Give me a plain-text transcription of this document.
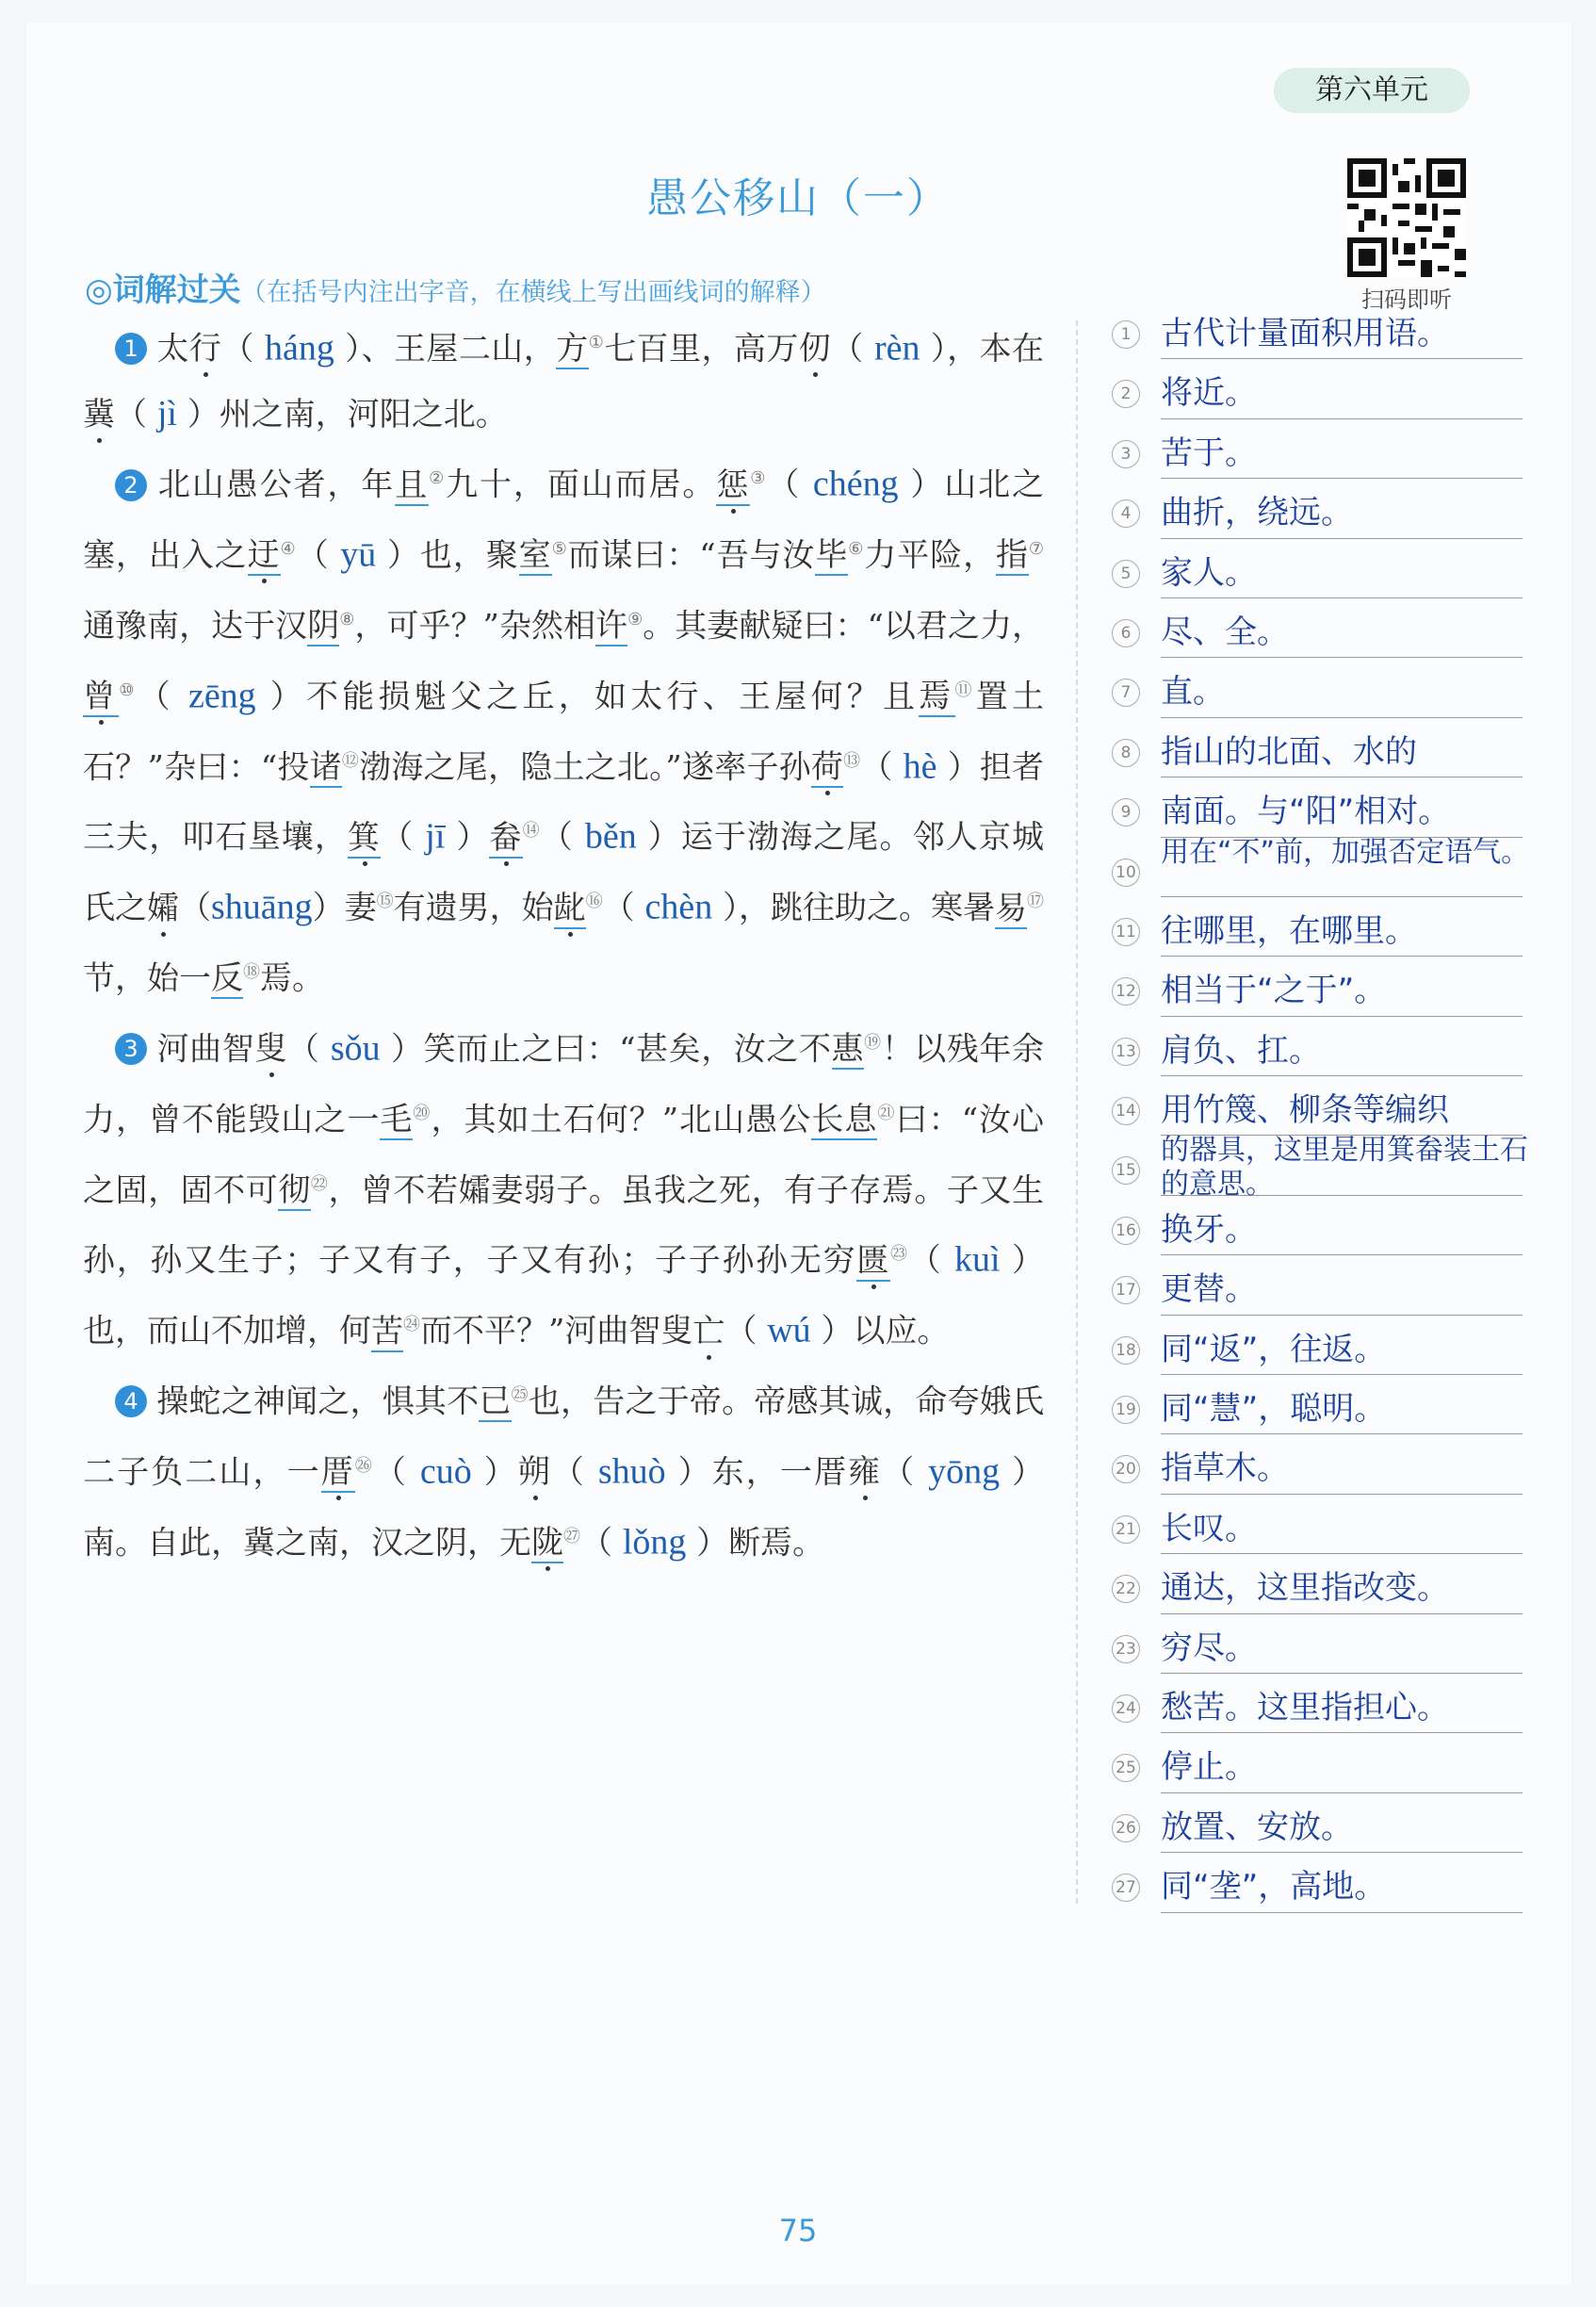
第六单元
愚公移山（一）
扫码即听
◎词解过关（在括号内注出字音，在横线上写出画线词的解释）

 1 太行（ háng ）、王屋二山，方①七百里，高万仞（ rèn ），本在冀（ jì ）州之南，河阳之北。

 2 北山愚公者，年且②九十，面山而居。惩③（ chéng ）山北之塞，出入之迂④（ yū ）也，聚室⑤而谋曰：“吾与汝毕⑥力平险，指⑦通豫南，达于汉阴⑧，可乎？”杂然相许⑨。其妻献疑曰：“以君之力，曾⑩（ zēng ）不能损魁父之丘，如太行、王屋何？且焉⑪置土石？”杂曰：“投诸⑫渤海之尾，隐土之北。”遂率子孙荷⑬（ hè ）担者三夫，叩石垦壤，箕（ jī ）畚⑭（ běn ）运于渤海之尾。邻人京城氏之孀（shuāng）妻⑮有遗男，始龀⑯（ chèn ），跳往助之。寒暑易⑰节，始一反⑱焉。

 3 河曲智叟（ sǒu ）笑而止之曰：“甚矣，汝之不惠⑲！以残年余力，曾不能毁山之一毛⑳，其如土石何？”北山愚公长息$^㉑$曰：“汝心之固，固不可彻$^㉒$，曾不若孀妻弱子。虽我之死，有子存焉。子又生孙，孙又生子；子又有子，子又有孙；子子孙孙无穷匮$^㉓$（ kuì ）也，而山不加增，何苦$^㉔$而不平？”河曲智叟亡（ wú ）以应。

 4 操蛇之神闻之，惧其不已$^㉕$也，告之于帝。帝感其诚，命夸娥氏二子负二山，一厝$^㉖$（ cuò ）朔（ shuò ）东，一厝雍（ yōng ）南。自此，冀之南，汉之阴，无陇$^㉗$（ lǒng ）断焉。

1 古代计量面积用语。
2 将近。
3 苦于。
4 曲折，绕远。
5 家人。
6 尽、全。
7 直。
8 指山的北面、水的
9 南面。与“阳”相对。
10
用在“不”前，加强否定语气。
11 往哪里，在哪里。
12 相当于“之于”。
13 肩负、扛。
14 用竹篾、柳条等编织
15
的器具，这里是用箕畚装土石的意思。
16 换牙。
17 更替。
18 同“返”，往返。
19 同“慧”，聪明。
20 指草木。
21 长叹。
22 通达，这里指改变。
23 穷尽。
24 愁苦。这里指担心。
25 停止。
26 放置、安放。
27 同“垄”，高地。
75
